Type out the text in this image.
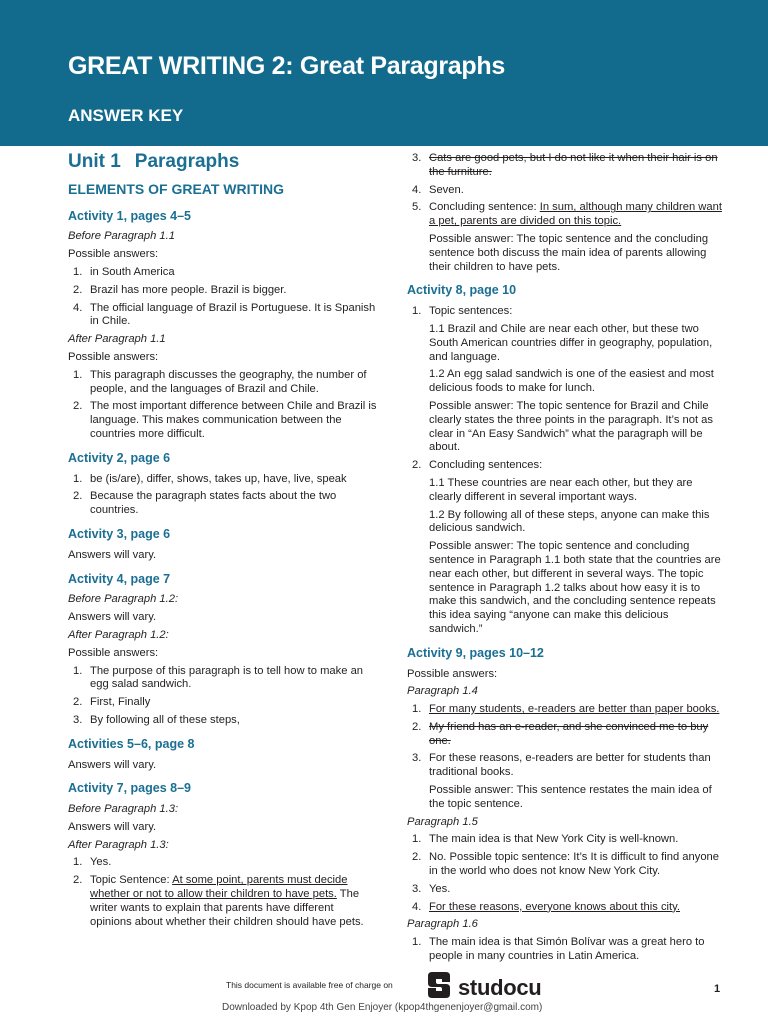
GREAT WRITING 2: Great Paragraphs
ANSWER KEY
Unit 1 Paragraphs
ELEMENTS OF GREAT WRITING
Activity 1, pages 4–5
Before Paragraph 1.1
Possible answers:
1. in South America
2. Brazil has more people. Brazil is bigger.
4. The official language of Brazil is Portuguese. It is Spanish in Chile.
After Paragraph 1.1
Possible answers:
1. This paragraph discusses the geography, the number of people, and the languages of Brazil and Chile.
2. The most important difference between Chile and Brazil is language. This makes communication between the countries more difficult.
Activity 2, page 6
1. be (is/are), differ, shows, takes up, have, live, speak
2. Because the paragraph states facts about the two countries.
Activity 3, page 6
Answers will vary.
Activity 4, page 7
Before Paragraph 1.2:
Answers will vary.
After Paragraph 1.2:
Possible answers:
1. The purpose of this paragraph is to tell how to make an egg salad sandwich.
2. First, Finally
3. By following all of these steps,
Activities 5–6, page 8
Answers will vary.
Activity 7, pages 8–9
Before Paragraph 1.3:
Answers will vary.
After Paragraph 1.3:
1. Yes.
2. Topic Sentence: At some point, parents must decide whether or not to allow their children to have pets. The writer wants to explain that parents have different opinions about whether their children should have pets.
3. Cats are good pets, but I do not like it when their hair is on the furniture.
4. Seven.
5. Concluding sentence: In sum, although many children want a pet, parents are divided on this topic.
Possible answer: The topic sentence and the concluding sentence both discuss the main idea of parents allowing their children to have pets.
Activity 8, page 10
1. Topic sentences:
1.1 Brazil and Chile are near each other, but these two South American countries differ in geography, population, and language.
1.2 An egg salad sandwich is one of the easiest and most delicious foods to make for lunch.
Possible answer: The topic sentence for Brazil and Chile clearly states the three points in the paragraph. It’s not as clear in “An Easy Sandwich” what the paragraph will be about.
2. Concluding sentences:
1.1 These countries are near each other, but they are clearly different in several important ways.
1.2 By following all of these steps, anyone can make this delicious sandwich.
Possible answer: The topic sentence and concluding sentence in Paragraph 1.1 both state that the countries are near each other, but different in several ways. The topic sentence in Paragraph 1.2 talks about how easy it is to make this sandwich, and the concluding sentence repeats this idea saying “anyone can make this delicious sandwich.”
Activity 9, pages 10–12
Possible answers:
Paragraph 1.4
1. For many students, e-readers are better than paper books.
2. My friend has an e-reader, and she convinced me to buy one.
3. For these reasons, e-readers are better for students than traditional books.
Possible answer: This sentence restates the main idea of the topic sentence.
Paragraph 1.5
1. The main idea is that New York City is well-known.
2. No. Possible topic sentence: It’s It is difficult to find anyone in the world who does not know New York City.
3. Yes.
4. For these reasons, everyone knows about this city.
Paragraph 1.6
1. The main idea is that Simón Bolívar was a great hero to people in many countries in Latin America.
This document is available free of charge on	studocu
Downloaded by Kpop 4th Gen Enjoyer (kpop4thgenenjoyer@gmail.com)
1
